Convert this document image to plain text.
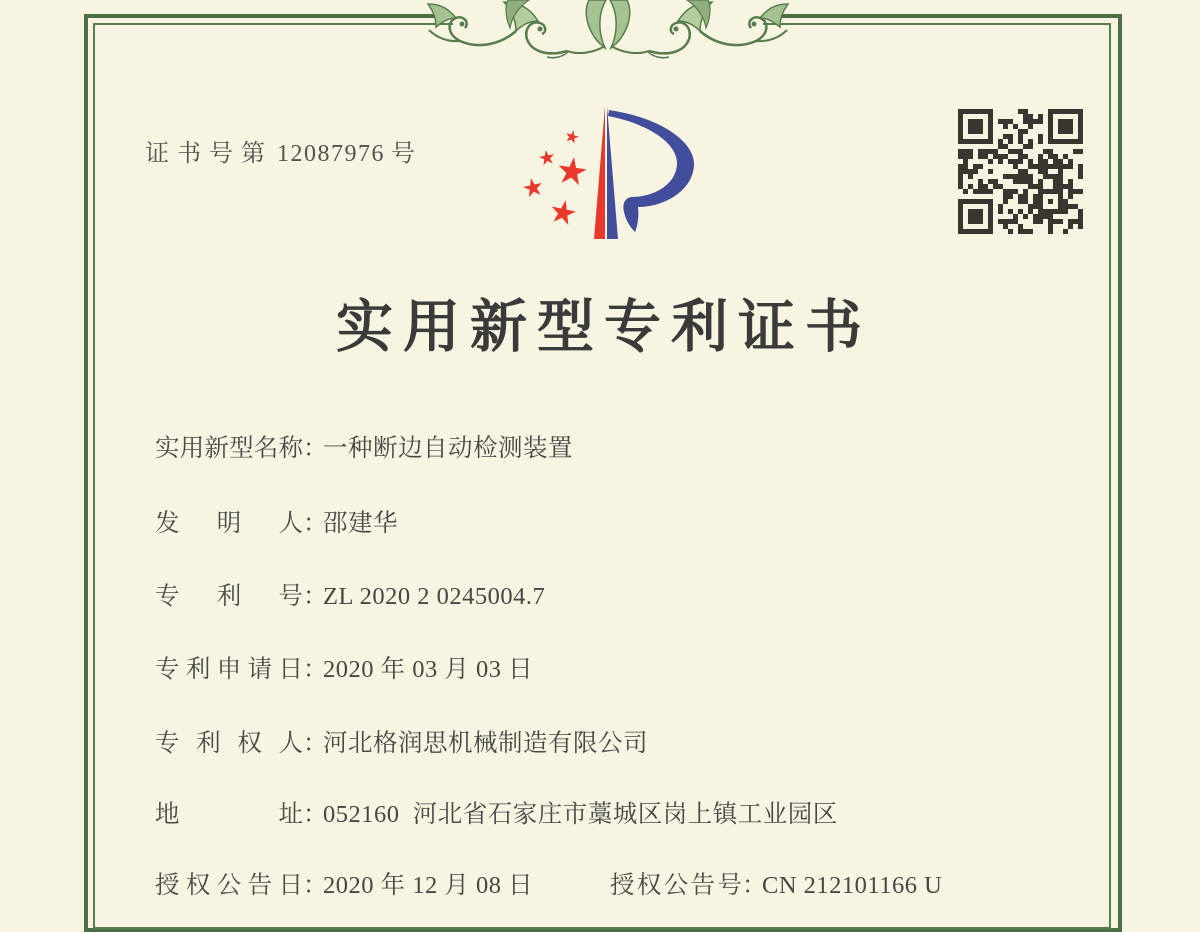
证书号第 12087976 号

实用新型专利证书
实 用 新 型 名 称 ：一种断边自动检测装置
发 明 人 ：邵建华
专 利 号 ：ZL 2020 2 0245004.7
专 利 申 请 日 ：2020 年 03 月 03 日
专 利 权 人 ：河北格润思机械制造有限公司
地	址 ：052160  河北省石家庄市藁城区岗上镇工业园区
授 权 公 告 日 ：2020 年 12 月 08 日	授 权 公 告 号 ：CN 212101166 U
